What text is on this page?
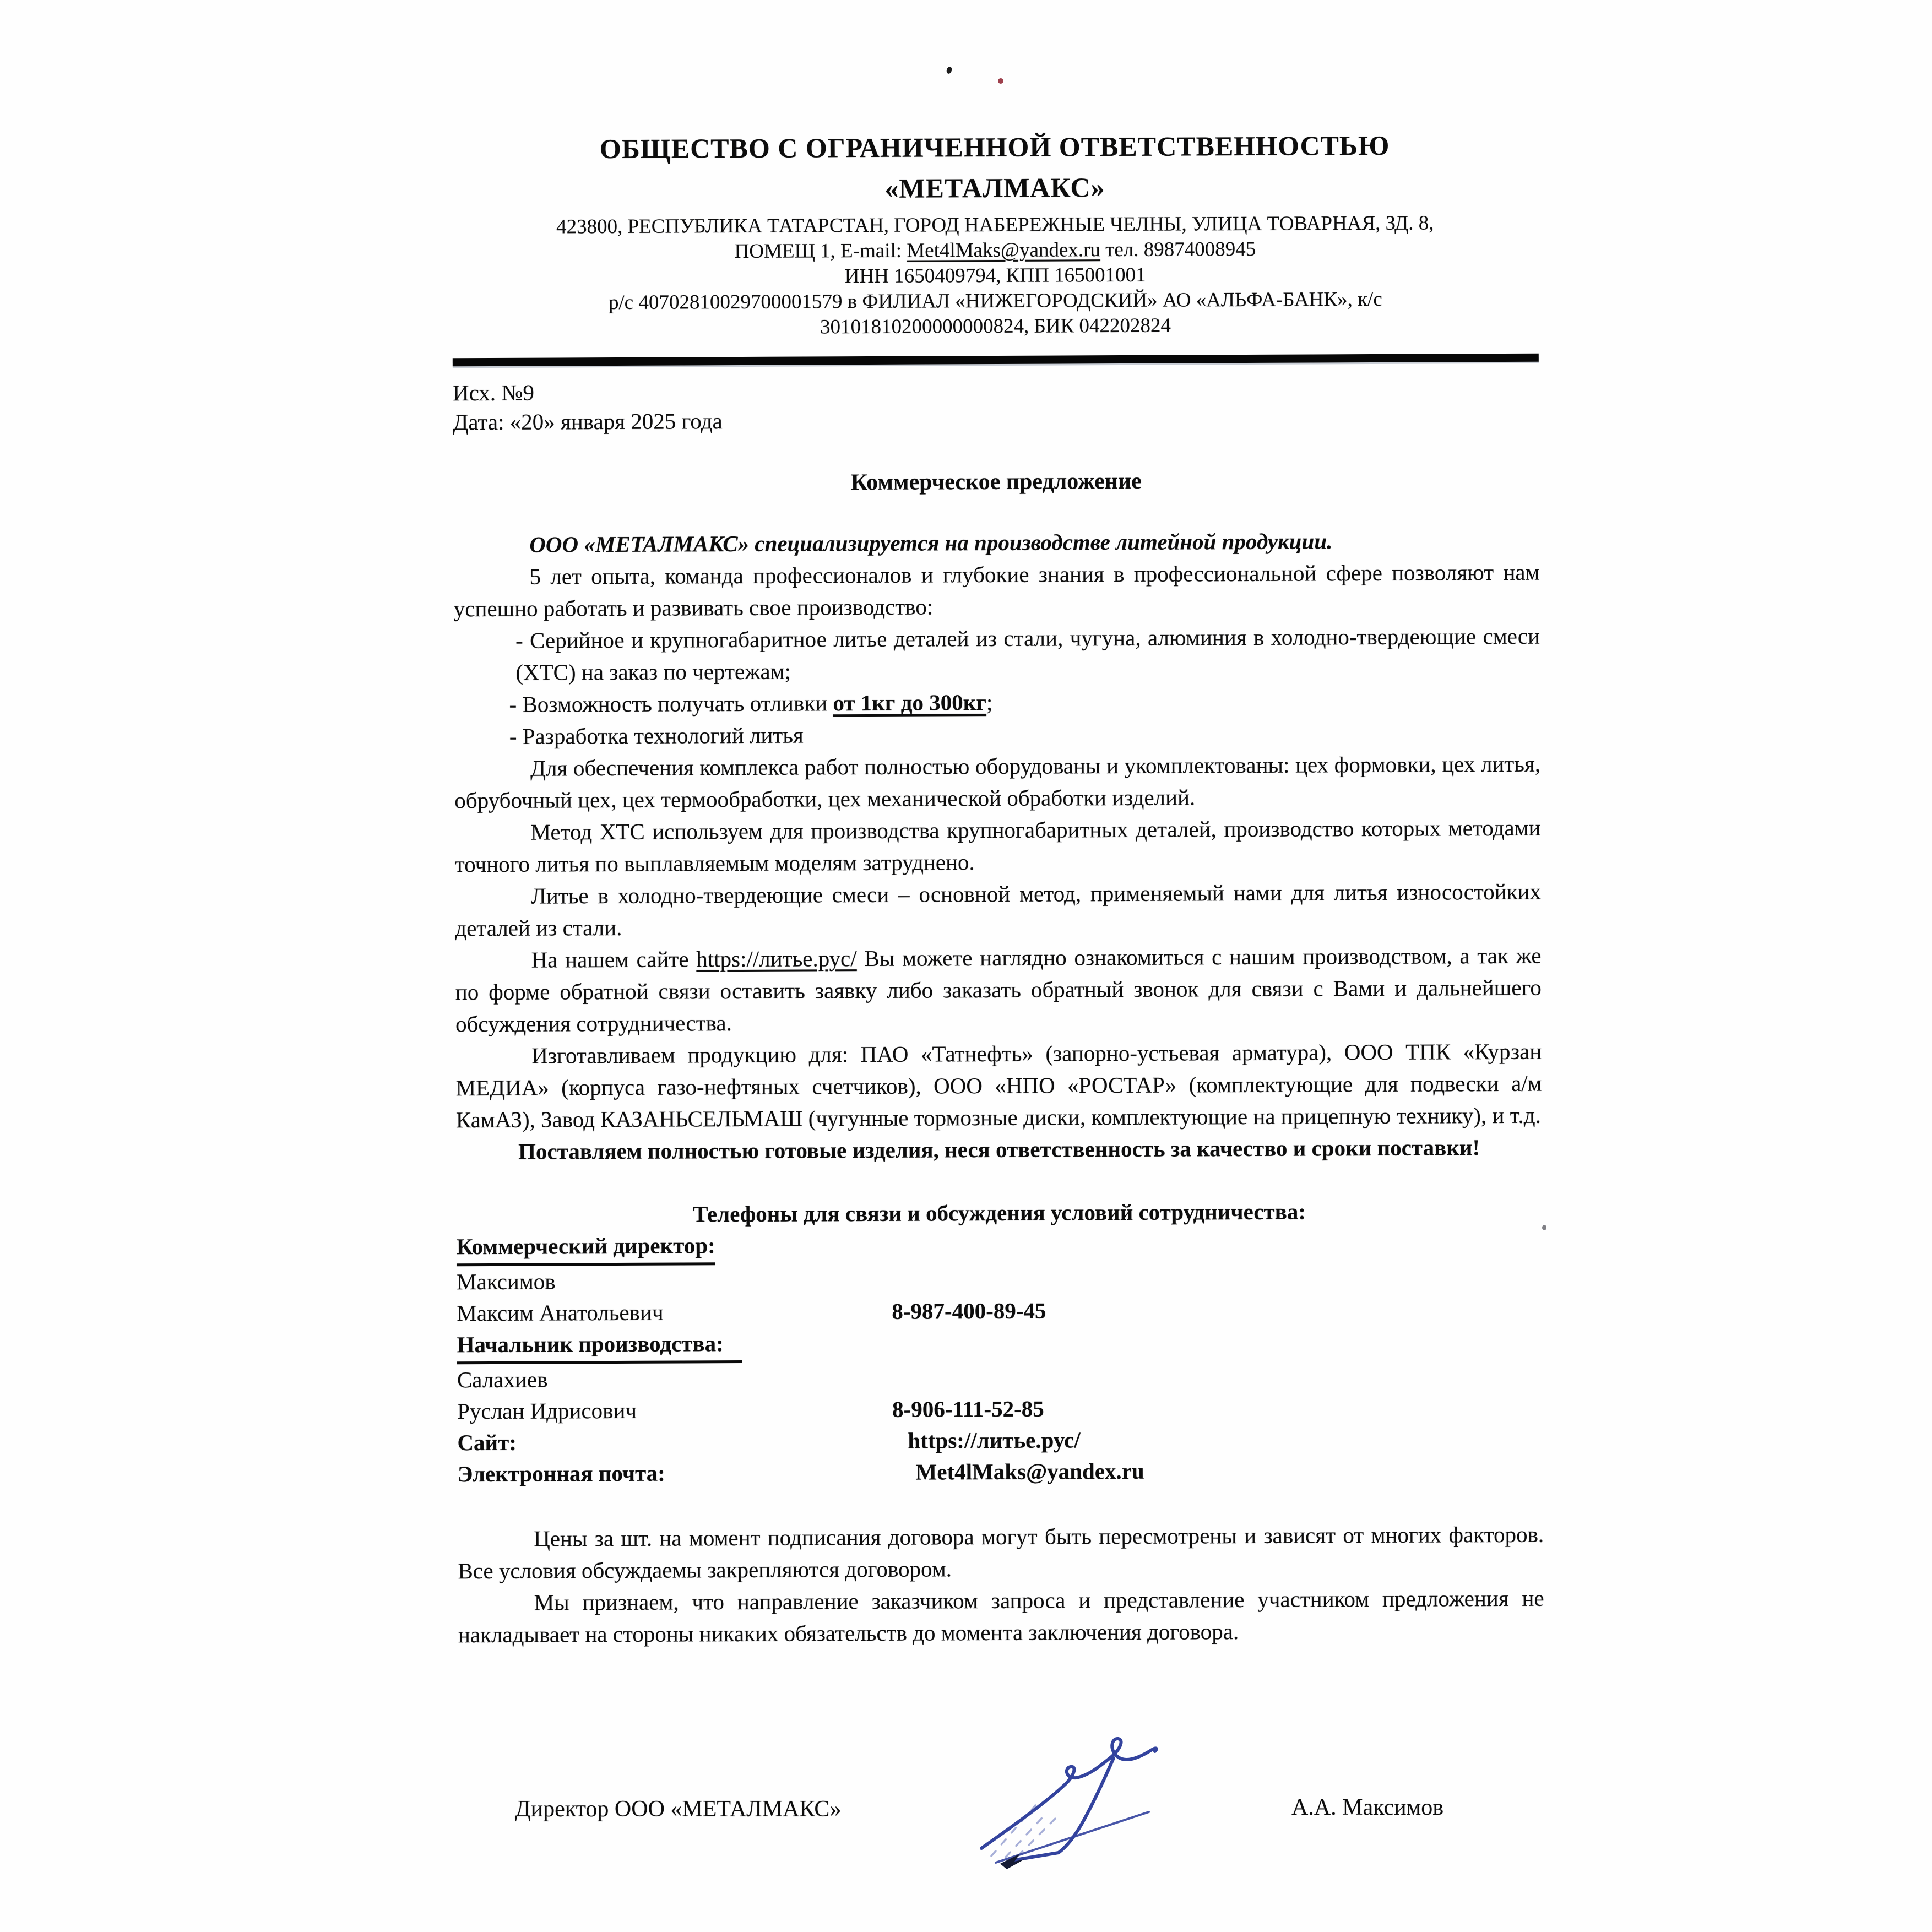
ОБЩЕСТВО С ОГРАНИЧЕННОЙ ОТВЕТСТВЕННОСТЬЮ
«МЕТАЛМАКС»
423800, РЕСПУБЛИКА ТАТАРСТАН, ГОРОД НАБЕРЕЖНЫЕ ЧЕЛНЫ, УЛИЦА ТОВАРНАЯ, ЗД. 8,
ПОМЕЩ 1, E-mail: Met4lMaks@yandex.ru тел. 89874008945
ИНН 1650409794, КПП 165001001
р/с 40702810029700001579 в ФИЛИАЛ «НИЖЕГОРОДСКИЙ» АО «АЛЬФА-БАНК», к/с
30101810200000000824, БИК 042202824
Исх. №9
Дата: «20» января 2025 года
Коммерческое предложение

ООО «МЕТАЛМАКС» специализируется на производстве литейной продукции.

5 лет опыта, команда профессионалов и глубокие знания в профессиональной сфере позволяют нам успешно работать и развивать свое производство:

- Серийное и крупногабаритное литье деталей из стали, чугуна, алюминия в холодно-твердеющие смеси (ХТС) на заказ по чертежам;

- Возможность получать отливки от 1кг до 300кг;

- Разработка технологий литья

Для обеспечения комплекса работ полностью оборудованы и укомплектованы: цех формовки, цех литья, обрубочный цех, цех термообработки, цех механической обработки изделий.

Метод ХТС используем для производства крупногабаритных деталей, производство которых методами точного литья по выплавляемым моделям затруднено.

Литье в холодно-твердеющие смеси – основной метод, применяемый нами для литья износостойких деталей из стали.

На нашем сайте https://литье.рус/ Вы можете наглядно ознакомиться с нашим производством, а так же по форме обратной связи оставить заявку либо заказать обратный звонок для связи с Вами и дальнейшего обсуждения сотрудничества.

Изготавливаем продукцию для: ПАО «Татнефть» (запорно-устьевая арматура), ООО ТПК «Курзан МЕДИА» (корпуса газо-нефтяных счетчиков), ООО «НПО «РОСТАР» (комплектующие для подвески а/м КамАЗ), Завод КАЗАНЬСЕЛЬМАШ (чугунные тормозные диски, комплектующие на прицепную технику), и т.д.

Поставляем полностью готовые изделия, неся ответственность за качество и сроки поставки!

Телефоны для связи и обсуждения условий сотрудничества:
Коммерческий директор:
Максимов
Максим Анатольевич	8-987-400-89-45
Начальник производства:
Салахиев
Руслан Идрисович	8-906-111-52-85
Сайт:	https://литье.рус/
Электронная почта:	Met4lMaks@yandex.ru

Цены за шт. на момент подписания договора могут быть пересмотрены и зависят от многих факторов. Все условия обсуждаемы закрепляются договором.

Мы признаем, что направление заказчиком запроса и представление участником предложения не накладывает на стороны никаких обязательств до момента заключения договора.

Директор ООО «МЕТАЛМАКС»	А.А. Максимов
